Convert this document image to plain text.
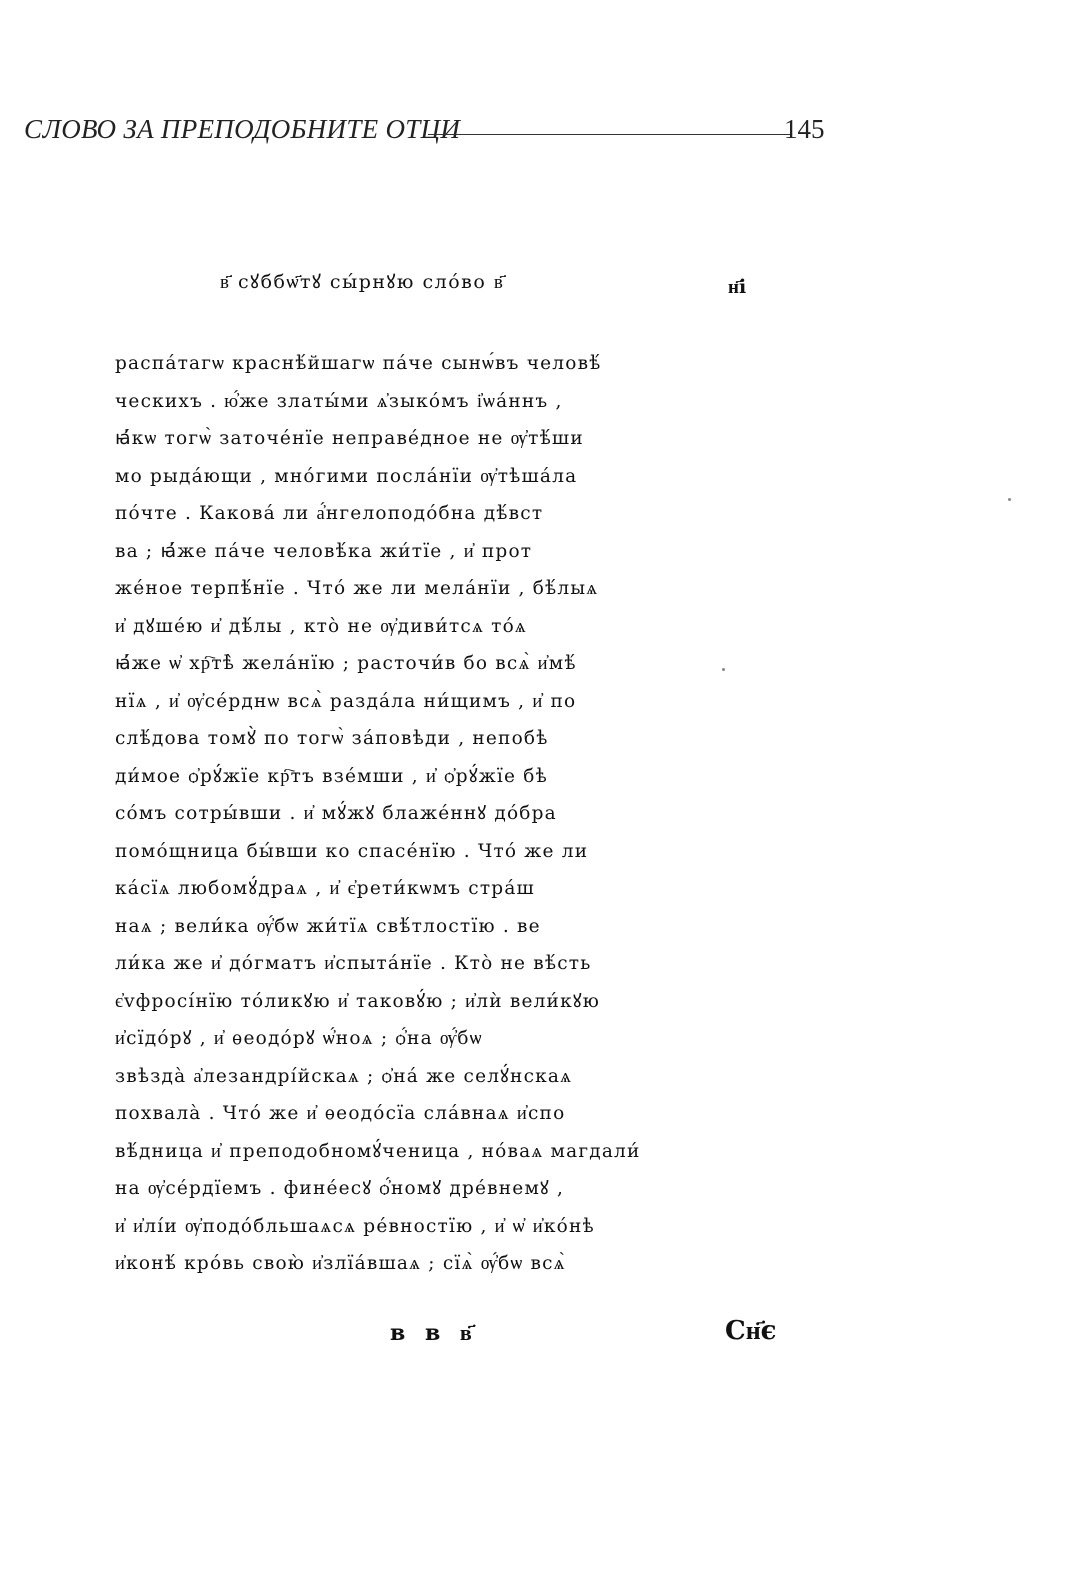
СЛОВО ЗА ПРЕПОДОБНИТЕ ОТЦИ	145
в҃ сꙋббѡ҃тꙋ сы́рнꙋю сло́во в҃	н҃і
распа́тагѡ краснѣ́йшагѡ па́че сынѡ́въ человѣ́
ческихъ . ю҆́же златы́ми ѧ҆зыко́мъ і҆ѡа́ннъ ,
ꙗ҆́кѡ тогѡ̀ заточе́нїе неправе́дное не ѹ҆тѣ́ши
мо рыда́ющи , мно́гими посла́нїи ѹ҆тѣша́ла
по́чте . Какова́ ли а҆́нгелоподо́бна дѣ́вст
ва ; ꙗ҆́же па́че человѣ́ка жи́тїе , и҆ прот
же́ное терпѣ́нїе . Что́ же ли мела́нїи , бѣ́лыѧ
и҆ дꙋше́ю и҆ дѣ́лы , кто̀ не ѹ҆диви́тсѧ то́ѧ
ꙗ҆́же ѡ҆ хр҇тѣ̀ жела́нїю ; расточи́в бо всѧ̀ и҆мѣ́
нїѧ , и҆ ѹ҆се́рднѡ всѧ̀ разда́ла ни́щимъ , и҆ по
слѣ́дова томꙋ̀ по тогѡ̀ за́повѣди , непобѣ
ди́мое ѻ҆рꙋ́жїе кр҇тъ взе́мши , и҆ ѻ҆рꙋ́жїе бѣ
со́мъ сотры́вши . и҆ мꙋ́жꙋ блаже́ннꙋ до́бра
помо́щница бы́вши ко спасе́нїю . Что́ же ли
ка́сїѧ любомꙋ́драѧ , и҆ є҆рети́кѡмъ стра́ш
наѧ ; вели́ка ѹ҆́бѡ жи́тїѧ свѣ́тлостїю . ве
ли́ка же и҆ до́гматъ и҆спыта́нїе . Кто̀ не вѣ́сть
є҆vфросі́нїю то́ликꙋю и҆ таковꙋ́ю ; и҆лѝ вели́кꙋю
и҆сїдо́рꙋ , и҆ ѳеодо́рꙋ ѡ҆́ноѧ ; ѻ҆́на ѹ҆́бѡ
звѣзда̀ а҆лезандрі́йскаѧ ; ѻ҆на́ же селꙋ́нскаѧ
похвала̀ . Что́ же и҆ ѳеодо́сїа сла́внаѧ и҆спо
вѣ́дница и҆ преподобномꙋ́ченица , но́ваѧ магдали́
на ѹ҆се́рдїемъ . фине́есꙋ ѻ҆́номꙋ дре́внемꙋ ,
и҆ и҆лі́и ѹ҆подо́бльшаѧсѧ ре́вностїю , и҆ ѡ҆ и҆ко́нѣ
и҆конѣ́ кро́вь свою̀ и҆злїа́вшаѧ ; сїѧ̀ ѹ҆́бѡ всѧ̀
в в в҃	Сн҃є
